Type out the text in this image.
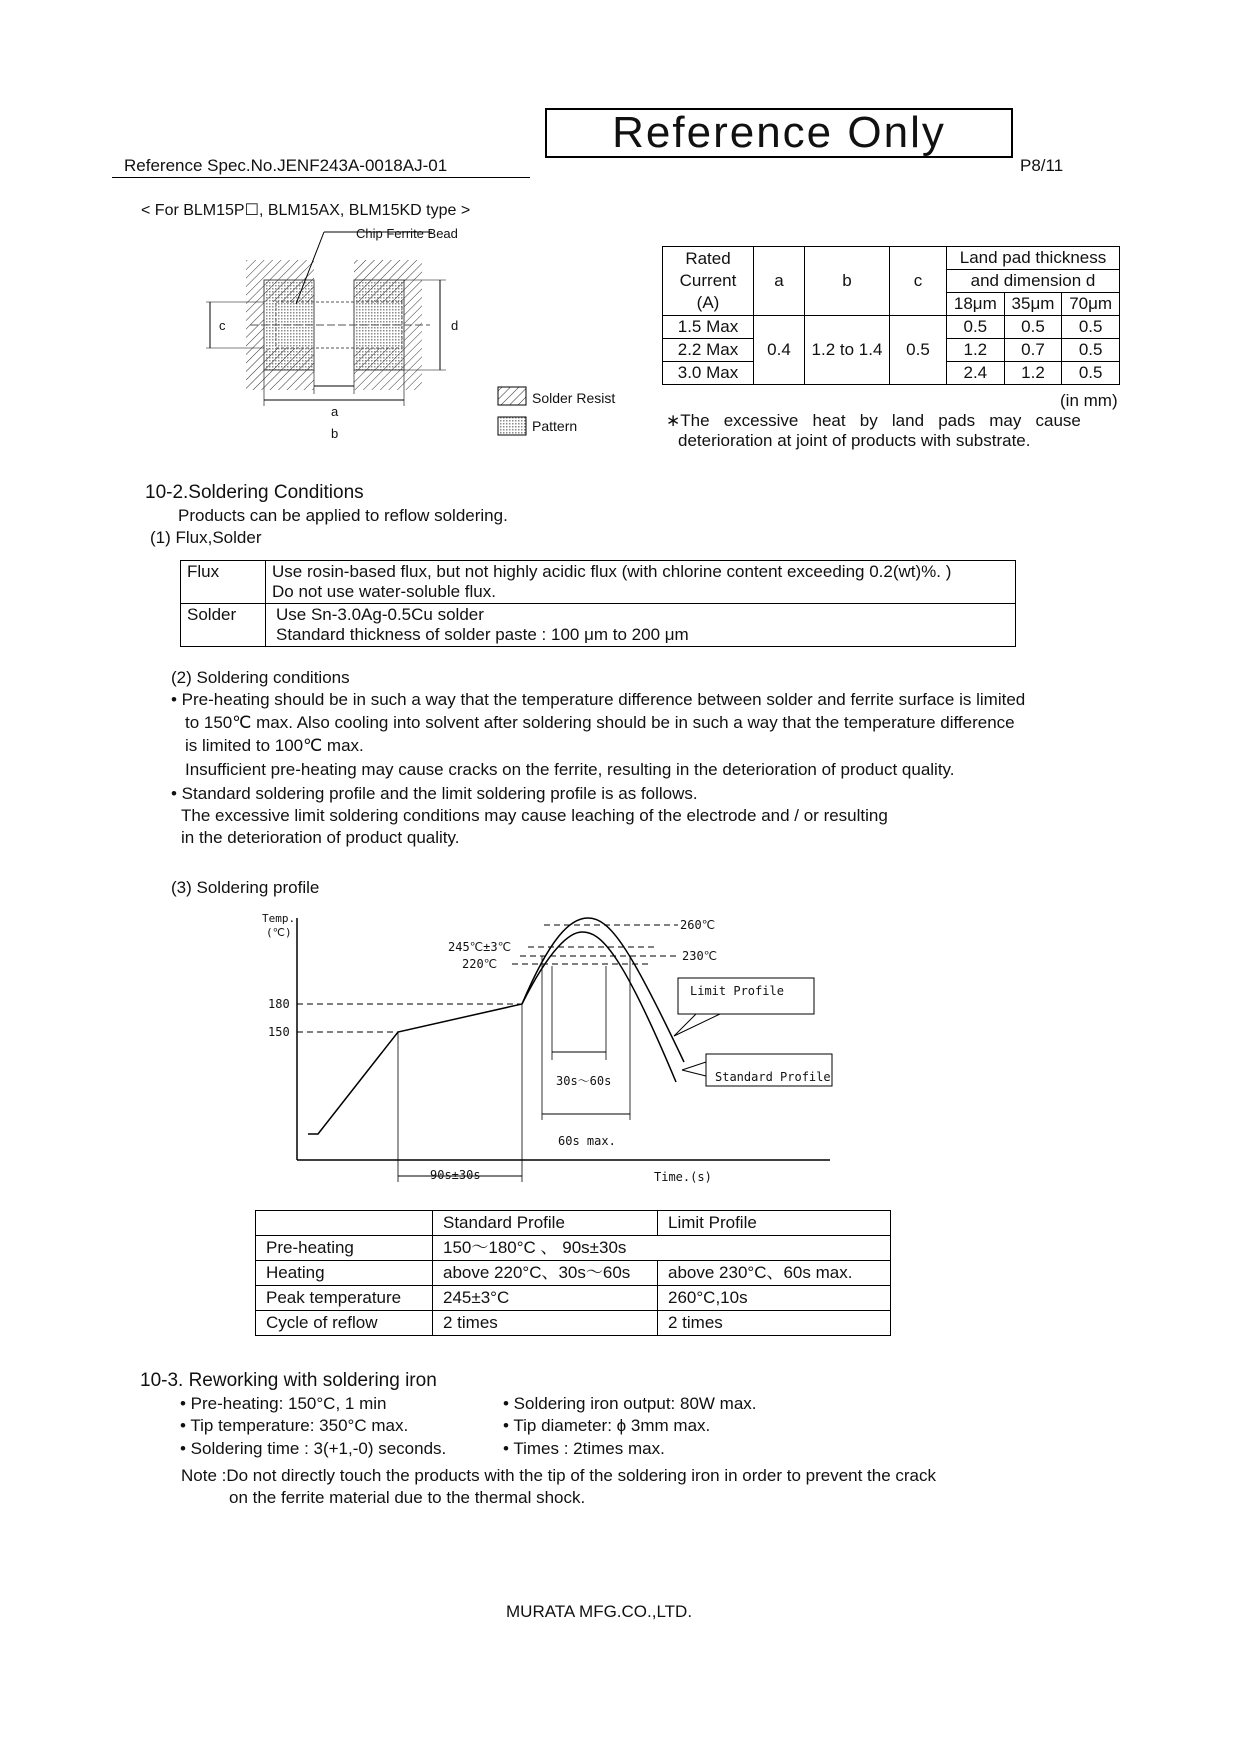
Reference Only
Reference Spec.No.JENF243A-0018AJ-01	P8/11
< For BLM15P☐, BLM15AX, BLM15KD type >
Chip Ferrite Bead
c	d
a
b
Solder Resist
Pattern
Rated
Current
(A)	a	b	c	Land pad thickness		
				and dimension d		
				18μm	35μm	70μm
1.5 Max	0.4	1.2 to 1.4	0.5	0.5	0.5	0.5
2.2 Max				1.2	0.7	0.5
3.0 Max				2.4	1.2	0.5
(in mm)
∗The   excessive   heat   by   land   pads   may   cause
deterioration at joint of products with substrate.
10-2.Soldering Conditions
Products can be applied to reflow soldering.
(1) Flux,Solder
Flux	Use rosin-based flux, but not highly acidic flux (with chlorine content exceeding 0.2(wt)%. )
Do not use water-soluble flux.

Solder	Use Sn-3.0Ag-0.5Cu solder
Standard thickness of solder paste : 100 μm to 200 μm
(2) Soldering conditions
• Pre-heating should be in such a way that the temperature difference between solder and ferrite surface is limited
to 150℃ max. Also cooling into solvent after soldering should be in such a way that the temperature difference
is limited to 100℃ max.
Insufficient pre-heating may cause cracks on the ferrite, resulting in the deterioration of product quality.
• Standard soldering profile and the limit soldering profile is as follows.
The excessive limit soldering conditions may cause leaching of the electrode and / or resulting
in the deterioration of product quality.
(3) Soldering profile
Temp.
(℃)
180
150
260℃
230℃
245℃±3℃
220℃
Limit Profile
Standard Profile
30s～60s
60s max.
90s±30s	Time.(s)
	Standard Profile	Limit Profile
Pre-heating	150～180°C 、 90s±30s	
Heating	above 220°C、30s～60s	above 230°C、60s max.
Peak temperature	245±3°C	260°C,10s
Cycle of reflow	2 times	2 times
10-3. Reworking with soldering iron
• Pre-heating: 150°C, 1 min
• Tip temperature: 350°C max.
• Soldering time : 3(+1,-0) seconds.
• Soldering iron output: 80W max.
• Tip diameter: ϕ 3mm max.
• Times : 2times max.
Note :Do not directly touch the products with the tip of the soldering iron in order to prevent the crack
on the ferrite material due to the thermal shock.
MURATA MFG.CO.,LTD.
